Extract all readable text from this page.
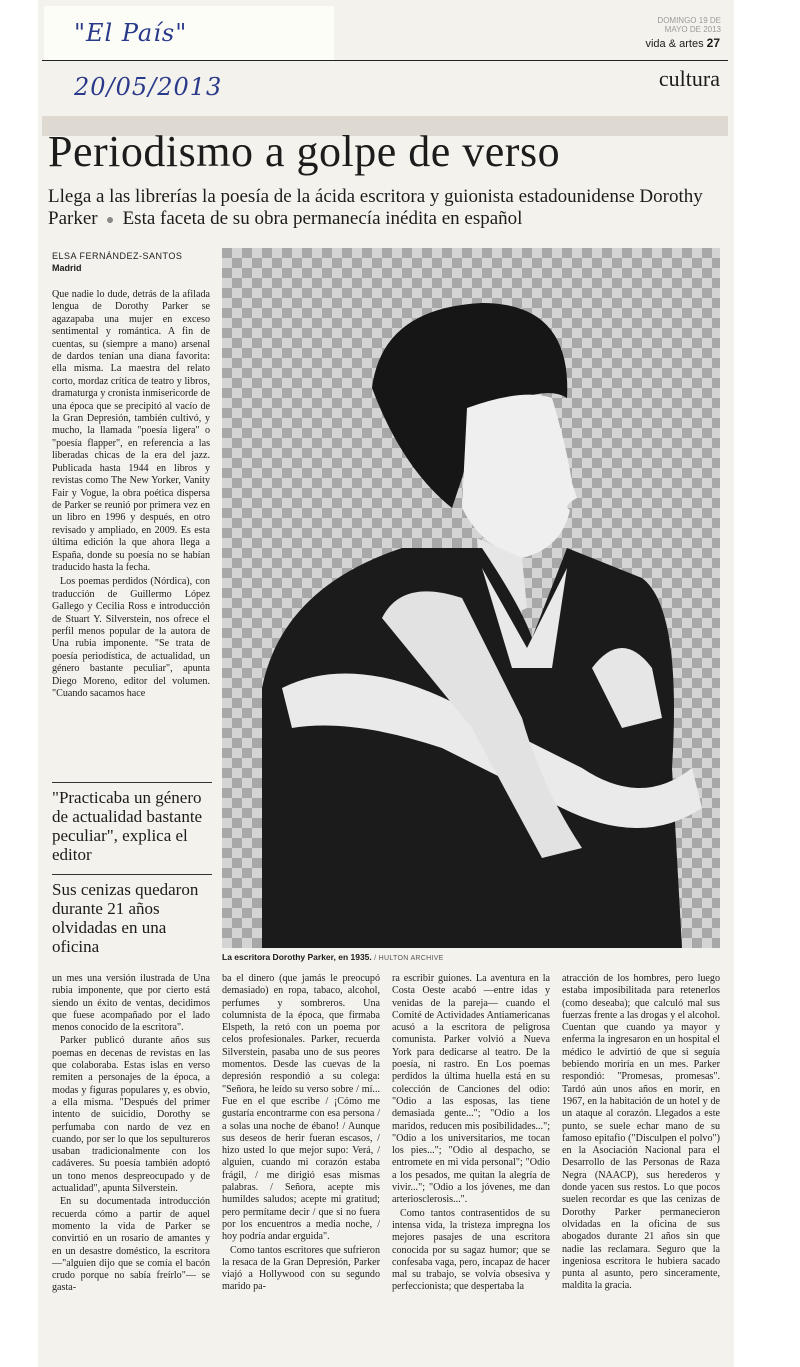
"El País" 20/05/2013
DOMINGO 19 DE MAYO DE 2013
vida & artes 27
cultura
Periodismo a golpe de verso
Llega a las librerías la poesía de la ácida escritora y guionista estadounidense Dorothy Parker  ●  Esta faceta de su obra permanecía inédita en español
ELSA FERNÁNDEZ-SANTOS
Madrid

Que nadie lo dude, detrás de la afilada lengua de Dorothy Parker se agazapaba una mujer en exceso sentimental y romántica. A fin de cuentas, su (siempre a mano) arsenal de dardos tenían una diana favorita: ella misma. La maestra del relato corto, mordaz crítica de teatro y libros, dramaturga y cronista inmisericorde de una época que se precipitó al vacío de la Gran Depresión, también cultivó, y mucho, la llamada "poesía ligera" o "poesía flapper", en referencia a las liberadas chicas de la era del jazz. Publicada hasta 1944 en libros y revistas como The New Yorker, Vanity Fair y Vogue, la obra poética dispersa de Parker se reunió por primera vez en un libro en 1996 y después, en otro revisado y ampliado, en 2009. Es esta última edición la que ahora llega a España, donde su poesía no se habían traducido hasta la fecha.

Los poemas perdidos (Nórdica), con traducción de Guillermo López Gallego y Cecilia Ross e introducción de Stuart Y. Silverstein, nos ofrece el perfil menos popular de la autora de Una rubia imponente. "Se trata de poesía periodística, de actualidad, un género bastante peculiar", apunta Diego Moreno, editor del volumen. "Cuando sacamos hace

"Practicaba un género de actualidad bastante peculiar", explica el editor
Sus cenizas quedaron durante 21 años olvidadas en una oficina
La escritora Dorothy Parker, en 1935. / HULTON ARCHIVE

un mes una versión ilustrada de Una rubia imponente, que por cierto está siendo un éxito de ventas, decidimos que fuese acompañado por el lado menos conocido de la escritora".

Parker publicó durante años sus poemas en decenas de revistas en las que colaboraba. Estas islas en verso remiten a personajes de la época, a modas y figuras populares y, es obvio, a ella misma. "Después del primer intento de suicidio, Dorothy se perfumaba con nardo de vez en cuando, por ser lo que los sepultureros usaban tradicionalmente con los cadáveres. Su poesía también adoptó un tono menos despreocupado y de actualidad", apunta Silverstein.

En su documentada introducción recuerda cómo a partir de aquel momento la vida de Parker se convirtió en un rosario de amantes y en un desastre doméstico, la escritora —"alguien dijo que se comía el bacón crudo porque no sabía freírlo"— se gasta-

ba el dinero (que jamás le preocupó demasiado) en ropa, tabaco, alcohol, perfumes y sombreros. Una columnista de la época, que firmaba Elspeth, la retó con un poema por celos profesionales. Parker, recuerda Silverstein, pasaba uno de sus peores momentos. Desde las cuevas de la depresión respondió a su colega: "Señora, he leído su verso sobre / mí... Fue en el que escribe / ¡Cómo me gustaría encontrarme con esa persona / a solas una noche de ébano! / Aunque sus deseos de herir fueran escasos, / hizo usted lo que mejor supo: Verá, / alguien, cuando mi corazón estaba frágil, / me dirigió esas mismas palabras. / Señora, acepte mis humildes saludos; acepte mi gratitud; pero permítame decir / que si no fuera por los encuentros a media noche, / hoy podría andar erguida".

Como tantos escritores que sufrieron la resaca de la Gran Depresión, Parker viajó a Hollywood con su segundo marido pa-

ra escribir guiones. La aventura en la Costa Oeste acabó —entre idas y venidas de la pareja— cuando el Comité de Actividades Antiamericanas acusó a la escritora de peligrosa comunista. Parker volvió a Nueva York para dedicarse al teatro. De la poesía, ni rastro. En Los poemas perdidos la última huella está en su colección de Canciones del odio: "Odio a las esposas, las tiene demasiada gente..."; "Odio a los maridos, reducen mis posibilidades..."; "Odio a los universitarios, me tocan los pies..."; "Odio al despacho, se entromete en mi vida personal"; "Odio a los pesados, me quitan la alegría de vivir..."; "Odio a los jóvenes, me dan arteriosclerosis...".

Como tantos contrasentidos de su intensa vida, la tristeza impregna los mejores pasajes de una escritora conocida por su sagaz humor; que se confesaba vaga, pero, incapaz de hacer mal su trabajo, se volvía obsesiva y perfeccionista; que despertaba la

atracción de los hombres, pero luego estaba imposibilitada para retenerlos (como deseaba); que calculó mal sus fuerzas frente a las drogas y el alcohol. Cuentan que cuando ya mayor y enferma la ingresaron en un hospital el médico le advirtió de que si seguía bebiendo moriría en un mes. Parker respondió: "Promesas, promesas". Tardó aún unos años en morir, en 1967, en la habitación de un hotel y de un ataque al corazón. Llegados a este punto, se suele echar mano de su famoso epitafio ("Disculpen el polvo") en la Asociación Nacional para el Desarrollo de las Personas de Raza Negra (NAACP), sus herederos y donde yacen sus restos. Lo que pocos suelen recordar es que las cenizas de Dorothy Parker permanecieron olvidadas en la oficina de sus abogados durante 21 años sin que nadie las reclamara. Seguro que la ingeniosa escritora le hubiera sacado punta al asunto, pero sinceramente, maldita la gracia.
